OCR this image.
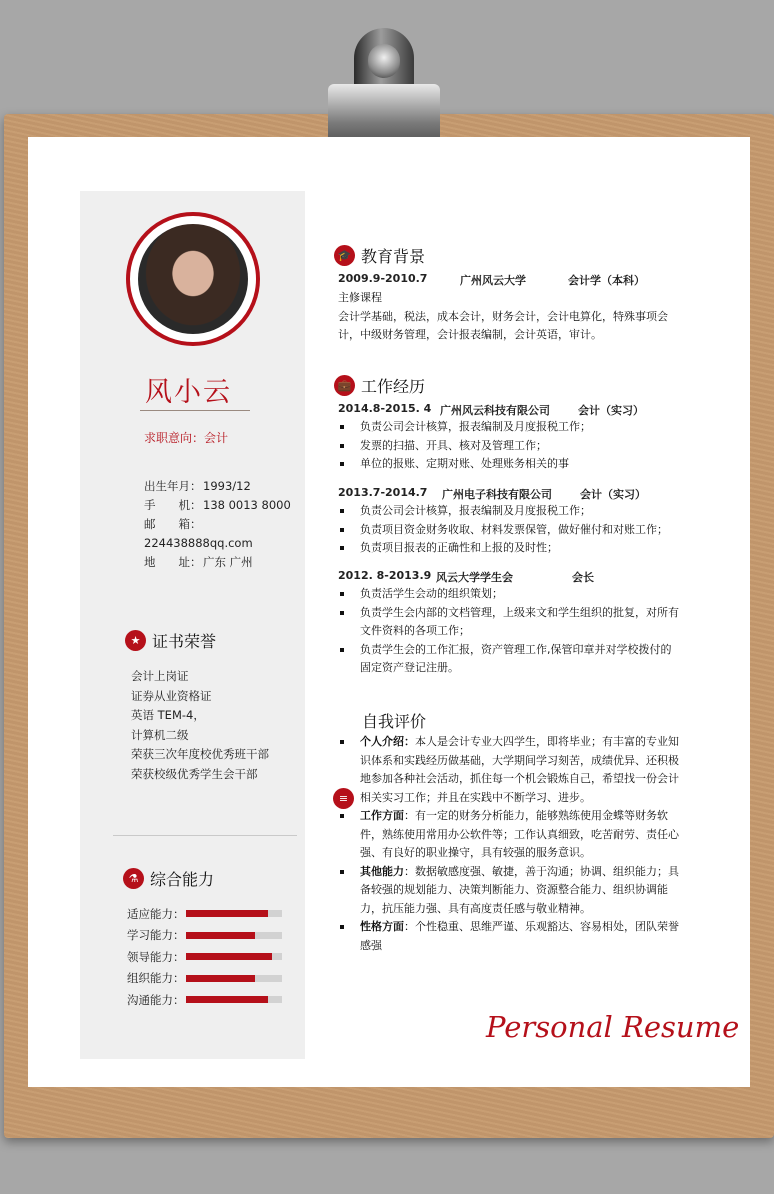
风小云
求职意向：会计
出生年月： 1993/12
手　　机： 138 0013 8000
邮　　箱：224438888qq.com
地　　址： 广东 广州
★ 证书荣誉
会计上岗证
证券从业资格证
英语 TEM-4，
计算机二级
荣获三次年度校优秀班干部
荣获校级优秀学生会干部
⚗ 综合能力
适应能力：
学习能力：
领导能力：
组织能力：
沟通能力：
🎓 教育背景
2009.9-2010.7	广州风云大学	会计学（本科）
主修课程
会计学基础，税法，成本会计，财务会计，会计电算化，特殊事项会计，中级财务管理，会计报表编制，会计英语，审计。
💼 工作经历
2014.8-2015. 4 广州风云科技有限公司	会计（实习）
负责公司会计核算，报表编制及月度报税工作；
发票的扫描、开具、核对及管理工作；
单位的报账、定期对账、处理账务相关的事
2013.7-2014.7 广州电子科技有限公司	会计（实习）
负责公司会计核算，报表编制及月度报税工作；
负责项目资金财务收取、材料发票保管，做好催付和对账工作；
负责项目报表的正确性和上报的及时性；
2012. 8-2013.9 风云大学学生会	会长
负责活学生会动的组织策划；
负责学生会内部的文档管理，上级来文和学生组织的批复，对所有文件资料的各项工作；
负责学生会的工作汇报，资产管理工作,保管印章并对学校拨付的固定资产登记注册。
自我评价
≡
个人介绍：本人是会计专业大四学生，即将毕业；有丰富的专业知识体系和实践经历做基础，大学期间学习刻苦，成绩优异、还积极地参加各种社会活动，抓住每一个机会锻炼自己，希望找一份会计相关实习工作；并且在实践中不断学习、进步。
工作方面：有一定的财务分析能力，能够熟练使用金蝶等财务软件，熟练使用常用办公软件等；工作认真细致，吃苦耐劳、责任心强、有良好的职业操守，具有较强的服务意识。
其他能力：数据敏感度强、敏捷，善于沟通；协调、组织能力；具备较强的规划能力、决策判断能力、资源整合能力、组织协调能力，抗压能力强、具有高度责任感与敬业精神。
性格方面：个性稳重、思维严谨、乐观豁达、容易相处，团队荣誉感强
Personal Resume
